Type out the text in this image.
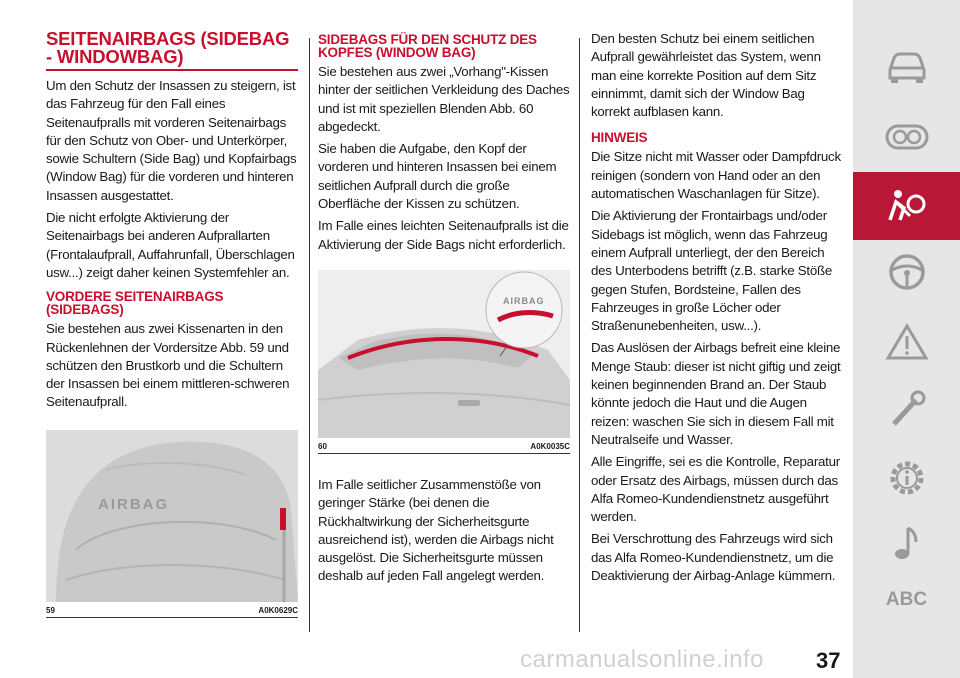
SEITENAIRBAGS (SIDEBAG - WINDOWBAG)

Um den Schutz der Insassen zu steigern, ist das Fahrzeug für den Fall eines Seitenaufpralls mit vorderen Seitenairbags für den Schutz von Ober- und Unterkörper, sowie Schultern (Side Bag) und Kopfairbags (Window Bag) für die vorderen und hinteren Insassen ausgestattet.

Die nicht erfolgte Aktivierung der Seitenairbags bei anderen Aufprallarten (Frontalaufprall, Auffahrunfall, Überschlagen usw...) zeigt daher keinen Systemfehler an.

VORDERE SEITENAIRBAGS (SIDEBAGS)

Sie bestehen aus zwei Kissenarten in den Rückenlehnen der Vordersitze Abb. 59 und schützen den Brustkorb und die Schultern der Insassen bei einem mittleren-schweren Seitenaufprall.

AIRBAG
59	A0K0629C
SIDEBAGS FÜR DEN SCHUTZ DES KOPFES (WINDOW BAG)

Sie bestehen aus zwei „Vorhang"-Kissen hinter der seitlichen Verkleidung des Daches und ist mit speziellen Blenden Abb. 60 abgedeckt.

Sie haben die Aufgabe, den Kopf der vorderen und hinteren Insassen bei einem seitlichen Aufprall durch die große Oberfläche der Kissen zu schützen.

Im Falle eines leichten Seitenaufpralls ist die Aktivierung der Side Bags nicht erforderlich.

AIRBAG
60	A0K0035C

Im Falle seitlicher Zusammenstöße von geringer Stärke (bei denen die Rückhaltwirkung der Sicherheitsgurte ausreichend ist), werden die Airbags nicht ausgelöst. Die Sicherheitsgurte müssen deshalb auf jeden Fall angelegt werden.

Den besten Schutz bei einem seitlichen Aufprall gewährleistet das System, wenn man eine korrekte Position auf dem Sitz einnimmt, damit sich der Window Bag korrekt aufblasen kann.

HINWEIS

Die Sitze nicht mit Wasser oder Dampfdruck reinigen (sondern von Hand oder an den automatischen Waschanlagen für Sitze).

Die Aktivierung der Frontairbags und/oder Sidebags ist möglich, wenn das Fahrzeug einem Aufprall unterliegt, der den Bereich des Unterbodens betrifft (z.B. starke Stöße gegen Stufen, Bordsteine, Fallen des Fahrzeuges in große Löcher oder Straßenunebenheiten, usw...).

Das Auslösen der Airbags befreit eine kleine Menge Staub: dieser ist nicht giftig und zeigt keinen beginnenden Brand an. Der Staub könnte jedoch die Haut und die Augen reizen: waschen Sie sich in diesem Fall mit Neutralseife und Wasser.

Alle Eingriffe, sei es die Kontrolle, Reparatur oder Ersatz des Airbags, müssen durch das Alfa Romeo-Kundendienstnetz ausgeführt werden.

Bei Verschrottung des Fahrzeugs wird sich das Alfa Romeo-Kundendienstnetz, um die Deaktivierung der Airbag-Anlage kümmern.

ABC
carmanualsonline.info 37
